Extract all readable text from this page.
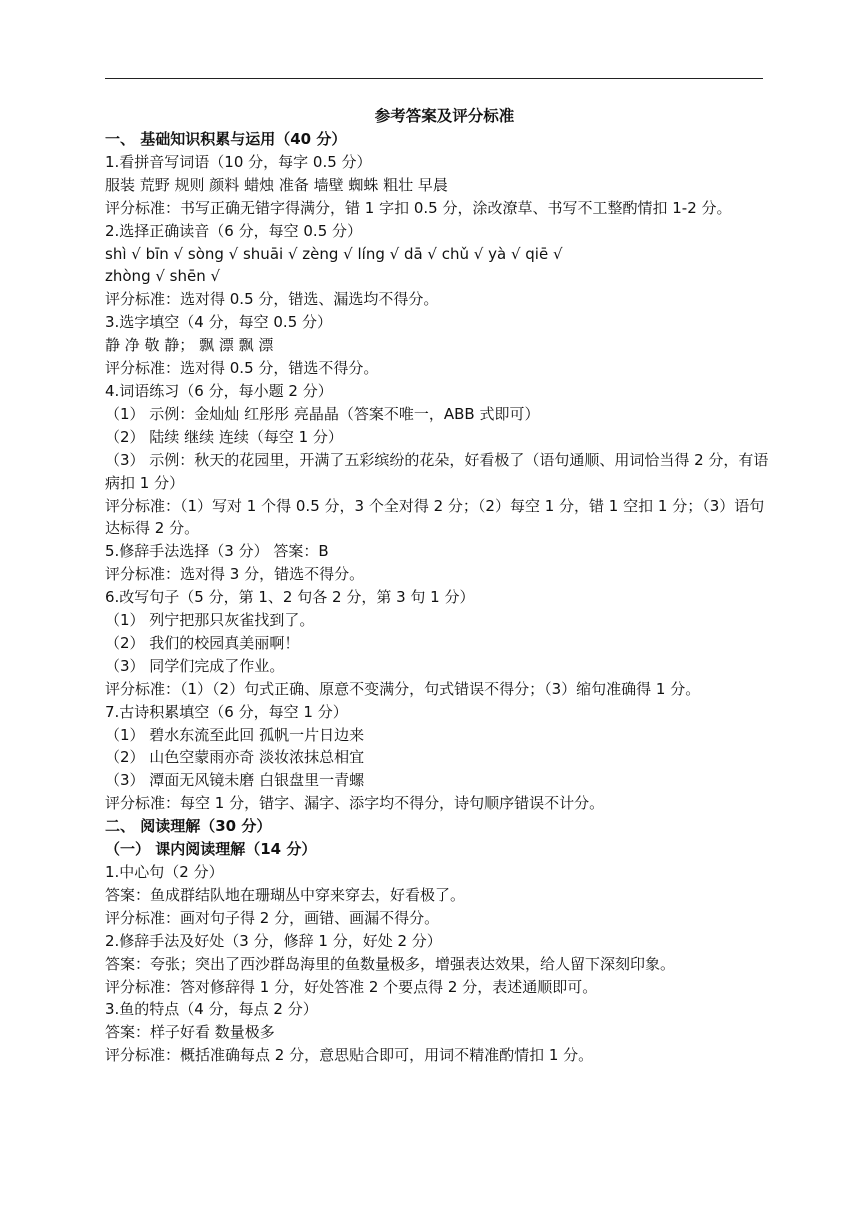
参考答案及评分标准
一、 基础知识积累与运用（40 分）
1.看拼音写词语（10 分，每字 0.5 分）
服装 荒野 规则 颜料 蜡烛 准备 墙壁 蜘蛛 粗壮 早晨
评分标准：书写正确无错字得满分，错 1 字扣 0.5 分，涂改潦草、书写不工整酌情扣 1-2 分。
2.选择正确读音（6 分，每空 0.5 分）
shì √ bīn √ sòng √ shuāi √ zèng √ líng √ dā √ chǔ √ yà √ qiē √
zhòng √ shēn √
评分标准：选对得 0.5 分，错选、漏选均不得分。
3.选字填空（4 分，每空 0.5 分）
静 净 敬 静； 飘 漂 飘 漂
评分标准：选对得 0.5 分，错选不得分。
4.词语练习（6 分，每小题 2 分）
（1） 示例：金灿灿 红彤彤 亮晶晶（答案不唯一，ABB 式即可）
（2） 陆续 继续 连续（每空 1 分）
（3） 示例：秋天的花园里，开满了五彩缤纷的花朵，好看极了（语句通顺、用词恰当得 2 分，有语病扣 1 分）
评分标准：（1）写对 1 个得 0.5 分，3 个全对得 2 分；（2）每空 1 分，错 1 空扣 1 分；（3）语句达标得 2 分。
5.修辞手法选择（3 分） 答案：B
评分标准：选对得 3 分，错选不得分。
6.改写句子（5 分，第 1、2 句各 2 分，第 3 句 1 分）
（1） 列宁把那只灰雀找到了。
（2） 我们的校园真美丽啊！
（3） 同学们完成了作业。
评分标准：（1）（2）句式正确、原意不变满分，句式错误不得分；（3）缩句准确得 1 分。
7.古诗积累填空（6 分，每空 1 分）
（1） 碧水东流至此回 孤帆一片日边来
（2） 山色空蒙雨亦奇 淡妆浓抹总相宜
（3） 潭面无风镜未磨 白银盘里一青螺
评分标准：每空 1 分，错字、漏字、添字均不得分，诗句顺序错误不计分。
二、 阅读理解（30 分）
（一） 课内阅读理解（14 分）
1.中心句（2 分）
答案：鱼成群结队地在珊瑚丛中穿来穿去，好看极了。
评分标准：画对句子得 2 分，画错、画漏不得分。
2.修辞手法及好处（3 分，修辞 1 分，好处 2 分）
答案：夸张；突出了西沙群岛海里的鱼数量极多，增强表达效果，给人留下深刻印象。
评分标准：答对修辞得 1 分，好处答准 2 个要点得 2 分，表述通顺即可。
3.鱼的特点（4 分，每点 2 分）
答案：样子好看 数量极多
评分标准：概括准确每点 2 分，意思贴合即可，用词不精准酌情扣 1 分。
